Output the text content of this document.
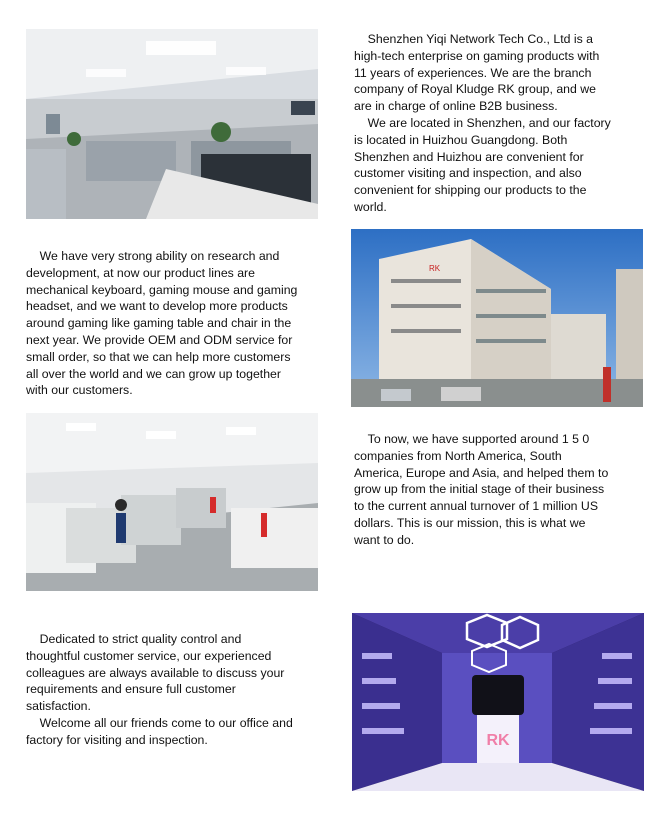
Shenzhen Yiqi Network Tech Co., Ltd is a
high-tech enterprise on gaming products with
11 years of experiences. We are the branch
company of Royal Kludge RK group, and we
are in charge of online B2B business.

We are located in Shenzhen, and our factory
is located in Huizhou Guangdong. Both
Shenzhen and Huizhou are convenient for
customer visiting and inspection, and also
convenient for shipping our products to the
world.

We have very strong ability on research and
development, at now our product lines are
mechanical keyboard, gaming mouse and gaming
headset, and we want to develop more products
around gaming like gaming table and chair in the
next year. We provide OEM and ODM service for
small order, so that we can help more customers
all over the world and we can grow up together
with our customers.

RK

To now, we have supported around 1 5 0
companies from North America, South
America, Europe and Asia, and helped them to
grow up from the initial stage of their business
to the current annual turnover of 1 million US
dollars. This is our mission, this is what we
want to do.

Dedicated to strict quality control and
thoughtful customer service, our experienced
colleagues are always available to discuss your
requirements and ensure full customer
satisfaction.

Welcome all our friends come to our office and
factory for visiting and inspection.	RK
